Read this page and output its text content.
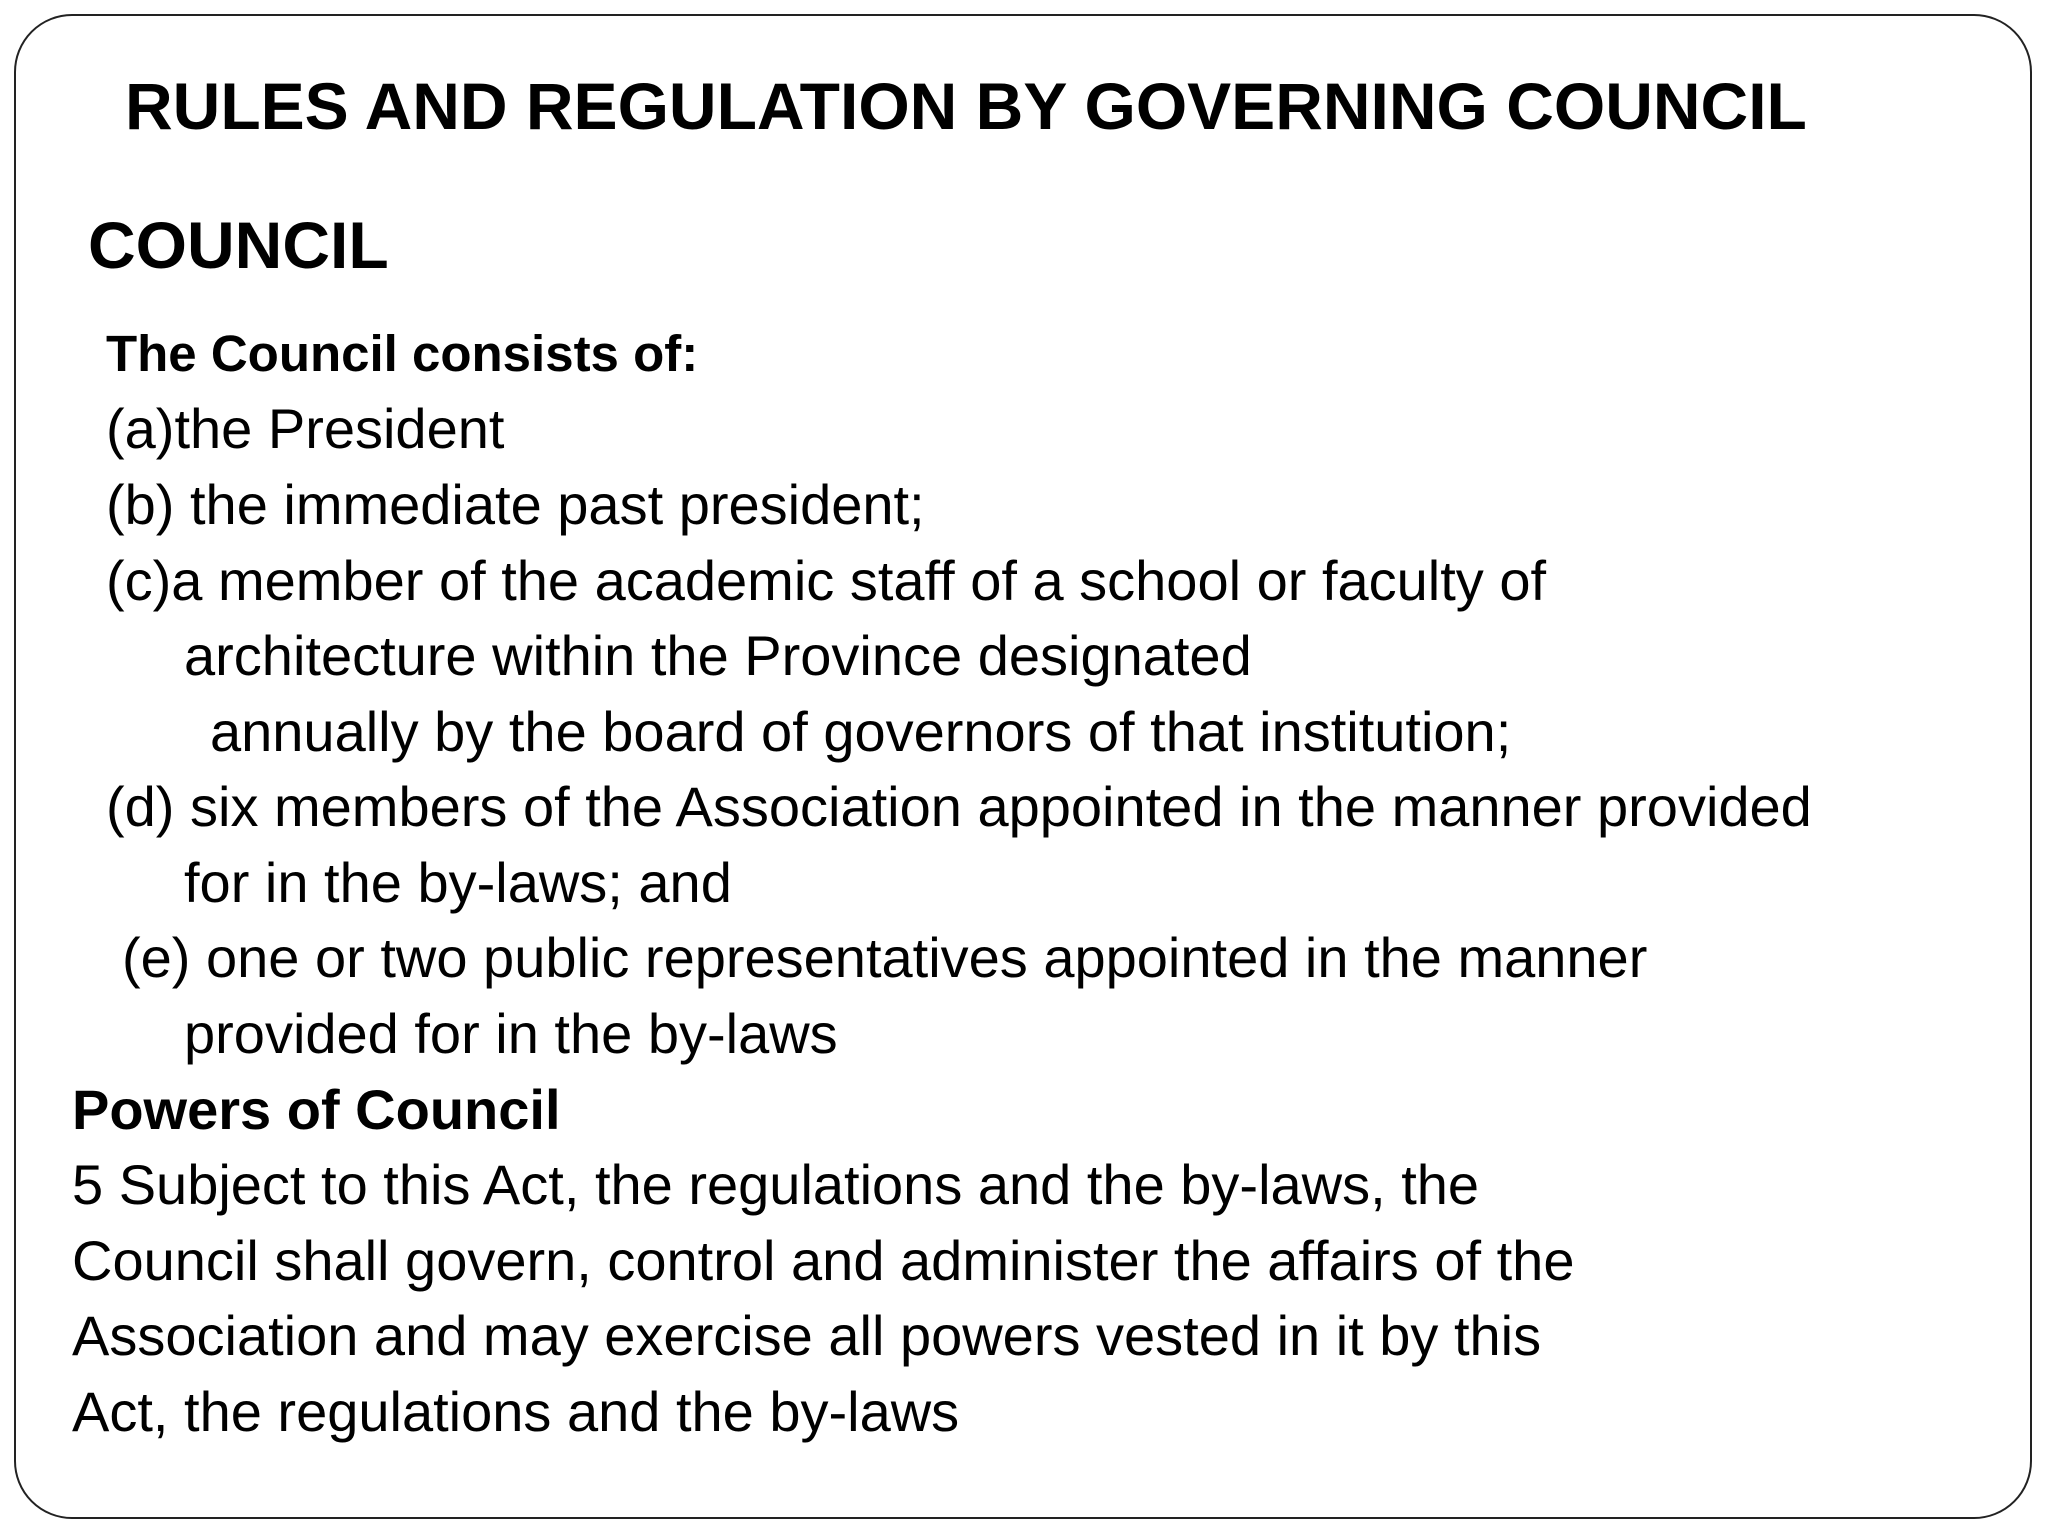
RULES AND REGULATION BY GOVERNING COUNCIL
COUNCIL
The Council consists of:
(a)the President
(b) the immediate past president;
(c)a member of the academic staff of a school or faculty of
architecture within the Province designated
annually by the board of governors of that institution;
(d) six members of the Association appointed in the manner provided
for in the by-laws; and
(e) one or two public representatives appointed in the manner
provided for in the by-laws
Powers of Council
5 Subject to this Act, the regulations and the by-laws, the
Council shall govern, control and administer the affairs of the
Association and may exercise all powers vested in it by this
Act, the regulations and the by-laws
